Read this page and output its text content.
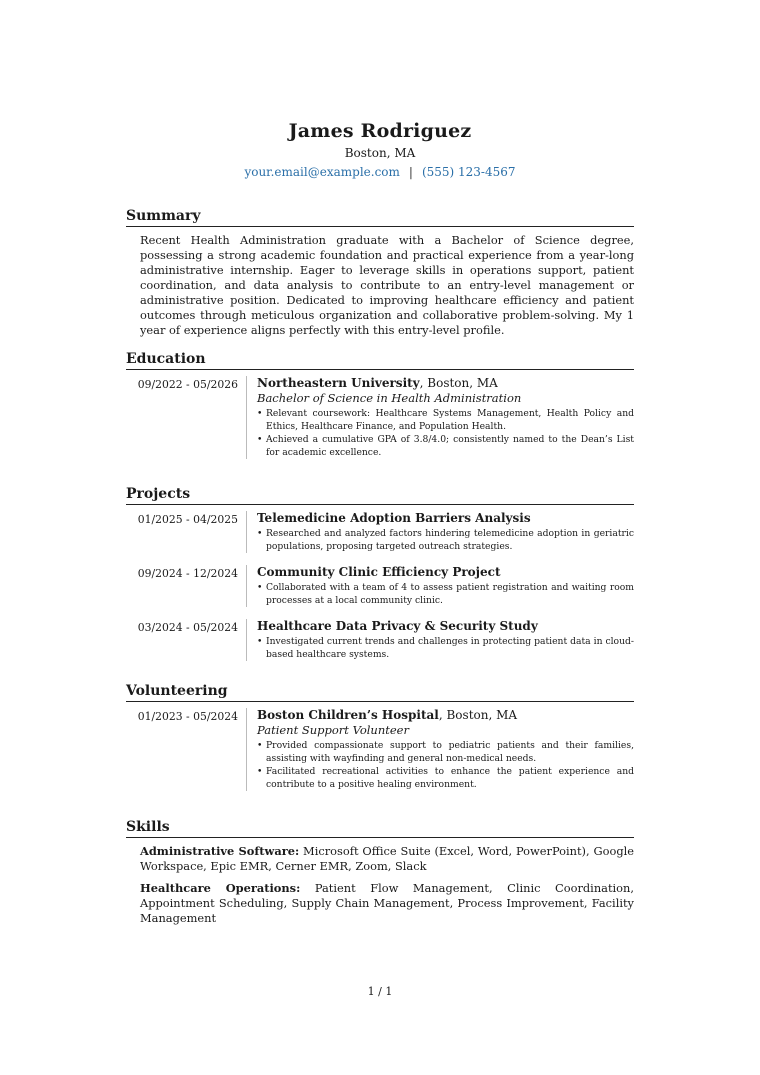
James Rodriguez
Boston, MA
your.email@example.com | (555) 123-4567
Summary
Recent Health Administration graduate with a Bachelor of Science degree, possessing a strong academic foundation and practical experience from a year-long administrative internship. Eager to leverage skills in operations support, patient coordination, and data analysis to contribute to an entry-level management or administrative position. Dedicated to improving healthcare efficiency and patient outcomes through meticulous organization and collaborative problem-solving. My 1 year of experience aligns perfectly with this entry-level profile.
Education
09/2022 - 05/2026	Northeastern University, Boston, MA
Bachelor of Science in Health Administration
• Relevant coursework: Healthcare Systems Management, Health Policy and Ethics, Healthcare Finance, and Population Health.
• Achieved a cumulative GPA of 3.8/4.0; consistently named to the Dean’s List for academic excellence.
Projects
01/2025 - 04/2025	Telemedicine Adoption Barriers Analysis
• Researched and analyzed factors hindering telemedicine adoption in geriatric populations, proposing targeted outreach strategies.
09/2024 - 12/2024	Community Clinic Efficiency Project
• Collaborated with a team of 4 to assess patient registration and waiting room processes at a local community clinic.
03/2024 - 05/2024	Healthcare Data Privacy & Security Study
• Investigated current trends and challenges in protecting patient data in cloud-based healthcare systems.
Volunteering
01/2023 - 05/2024	Boston Children’s Hospital, Boston, MA
Patient Support Volunteer
• Provided compassionate support to pediatric patients and their families, assisting with wayfinding and general non-medical needs.
• Facilitated recreational activities to enhance the patient experience and contribute to a positive healing environment.
Skills
Administrative Software: Microsoft Office Suite (Excel, Word, PowerPoint), Google Workspace, Epic EMR, Cerner EMR, Zoom, Slack
Healthcare Operations: Patient Flow Management, Clinic Coordination, Appointment Scheduling, Supply Chain Management, Process Improvement, Facility Management
1 / 1
